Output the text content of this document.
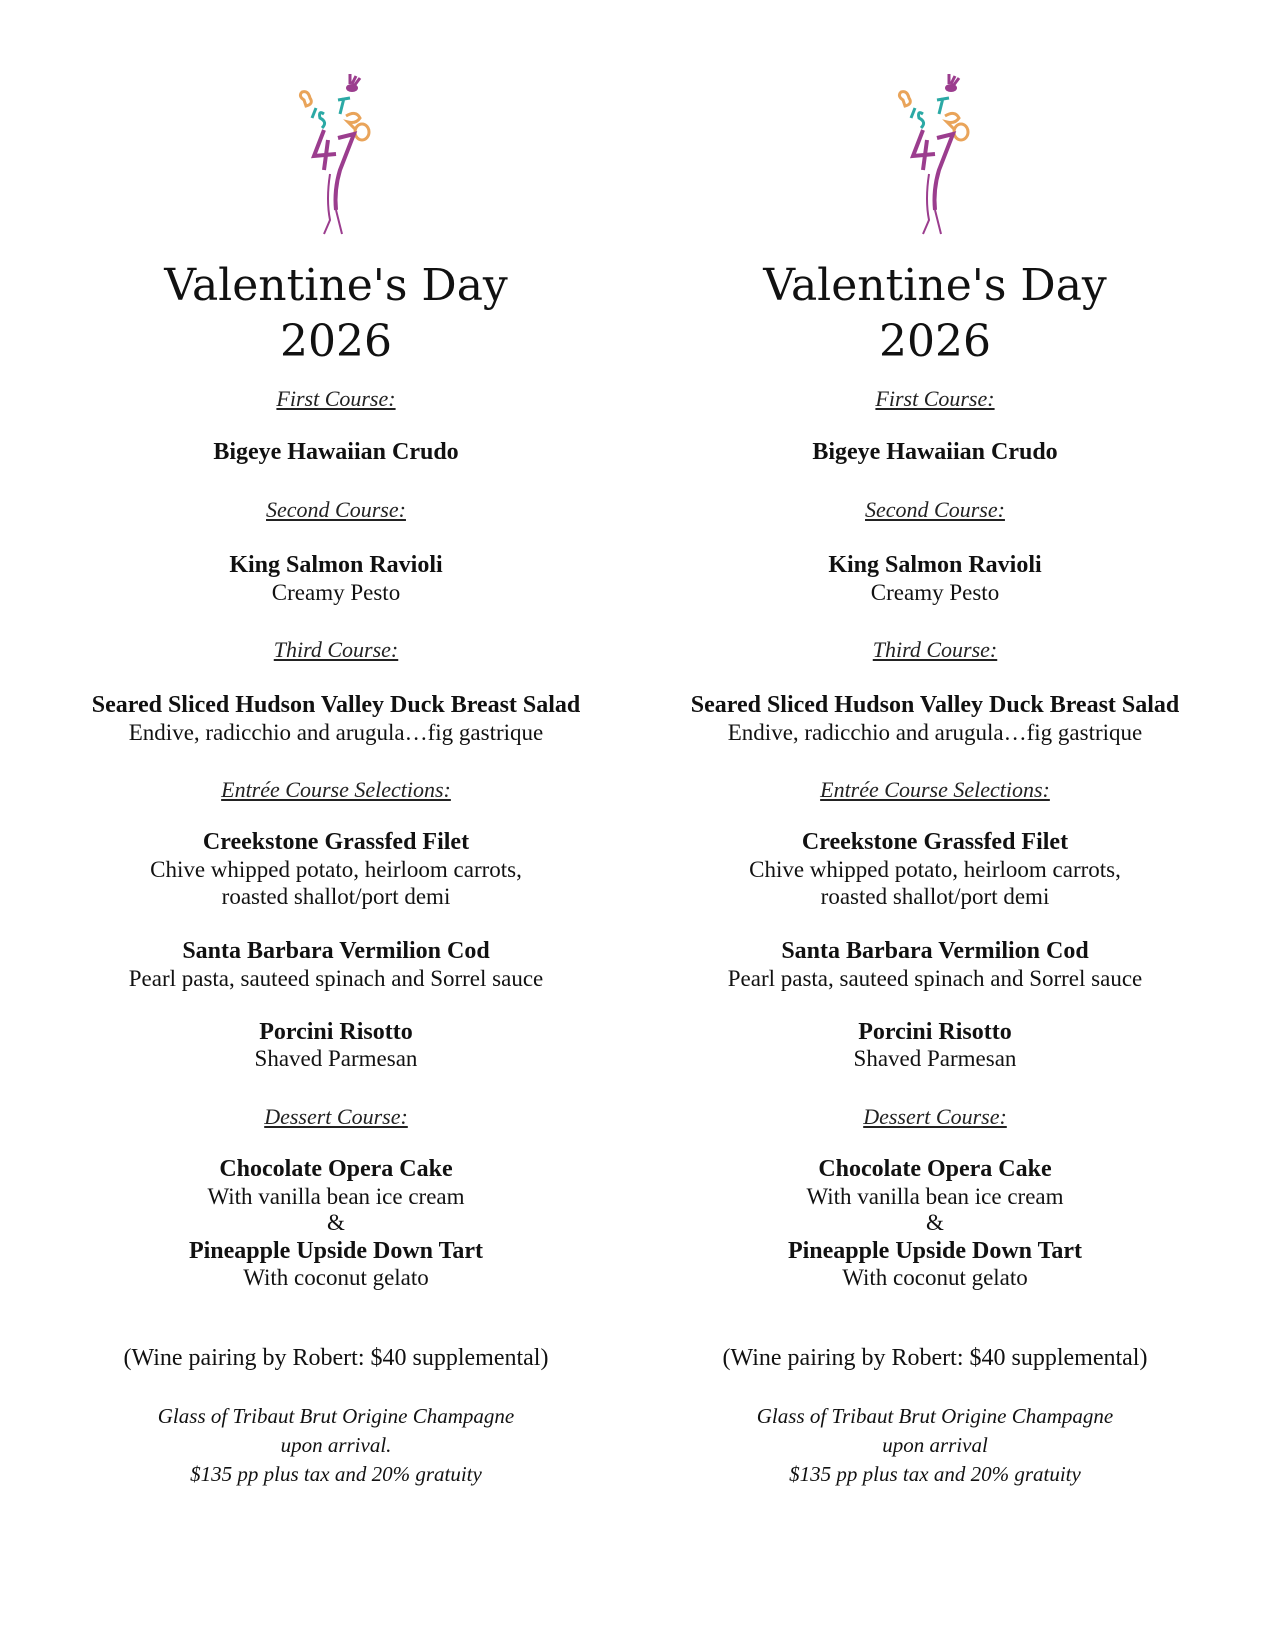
Valentine's Day
2026
First Course:
Bigeye Hawaiian Crudo
Second Course:
King Salmon Ravioli
Creamy Pesto
Third Course:
Seared Sliced Hudson Valley Duck Breast Salad
Endive, radicchio and arugula…fig gastrique
Entrée Course Selections:
Creekstone Grassfed Filet
Chive whipped potato, heirloom carrots,
roasted shallot/port demi
Santa Barbara Vermilion Cod
Pearl pasta, sauteed spinach and Sorrel sauce
Porcini Risotto
Shaved Parmesan
Dessert Course:
Chocolate Opera Cake
With vanilla bean ice cream
&
Pineapple Upside Down Tart
With coconut gelato
(Wine pairing by Robert: $40 supplemental)
Glass of Tribaut Brut Origine Champagne
upon arrival.
$135 pp plus tax and 20% gratuity
Valentine's Day
2026
First Course:
Bigeye Hawaiian Crudo
Second Course:
King Salmon Ravioli
Creamy Pesto
Third Course:
Seared Sliced Hudson Valley Duck Breast Salad
Endive, radicchio and arugula…fig gastrique
Entrée Course Selections:
Creekstone Grassfed Filet
Chive whipped potato, heirloom carrots,
roasted shallot/port demi
Santa Barbara Vermilion Cod
Pearl pasta, sauteed spinach and Sorrel sauce
Porcini Risotto
Shaved Parmesan
Dessert Course:
Chocolate Opera Cake
With vanilla bean ice cream
&
Pineapple Upside Down Tart
With coconut gelato
(Wine pairing by Robert: $40 supplemental)
Glass of Tribaut Brut Origine Champagne
upon arrival
$135 pp plus tax and 20% gratuity
